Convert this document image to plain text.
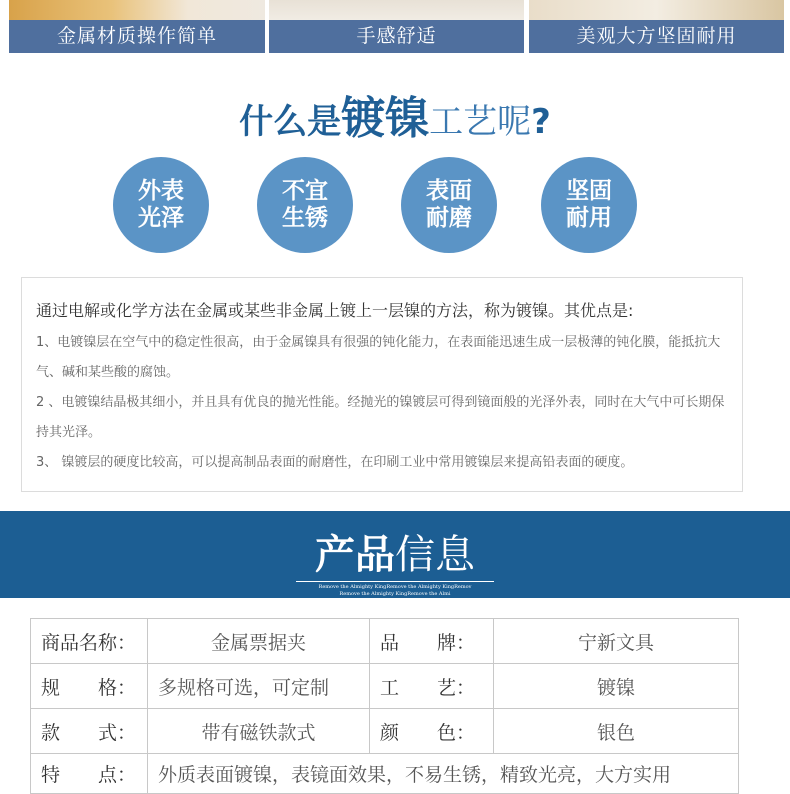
金属材质操作简单	手感舒适	美观大方坚固耐用
什么是镀镍工艺呢?
外表
光泽
不宜
生锈
表面
耐磨
坚固
耐用
通过电解或化学方法在金属或某些非金属上镀上一层镍的方法，称为镀镍。其优点是:
1、电镀镍层在空气中的稳定性很高，由于金属镍具有很强的钝化能力，在表面能迅速生成一层极薄的钝化膜，能抵抗大气、碱和某些酸的腐蚀。
2 、电镀镍结晶极其细小，并且具有优良的抛光性能。经抛光的镍镀层可得到镜面般的光泽外表，同时在大气中可长期保持其光泽。
3、 镍镀层的硬度比较高，可以提高制品表面的耐磨性，在印刷工业中常用镀镍层来提高铅表面的硬度。
产品信息
Remove the Almighty KingRemove the Almighty KingRemov
Remove the Almighty KingRemove the Almi
商品名称：	金属票据夹	品　　牌：	宁新文具
规　　格：	多规格可选，可定制	工　　艺：	镀镍
款　　式：	带有磁铁款式	颜　　色：	银色
特　　点：	外质表面镀镍，表镜面效果，不易生锈，精致光亮，大方实用		
